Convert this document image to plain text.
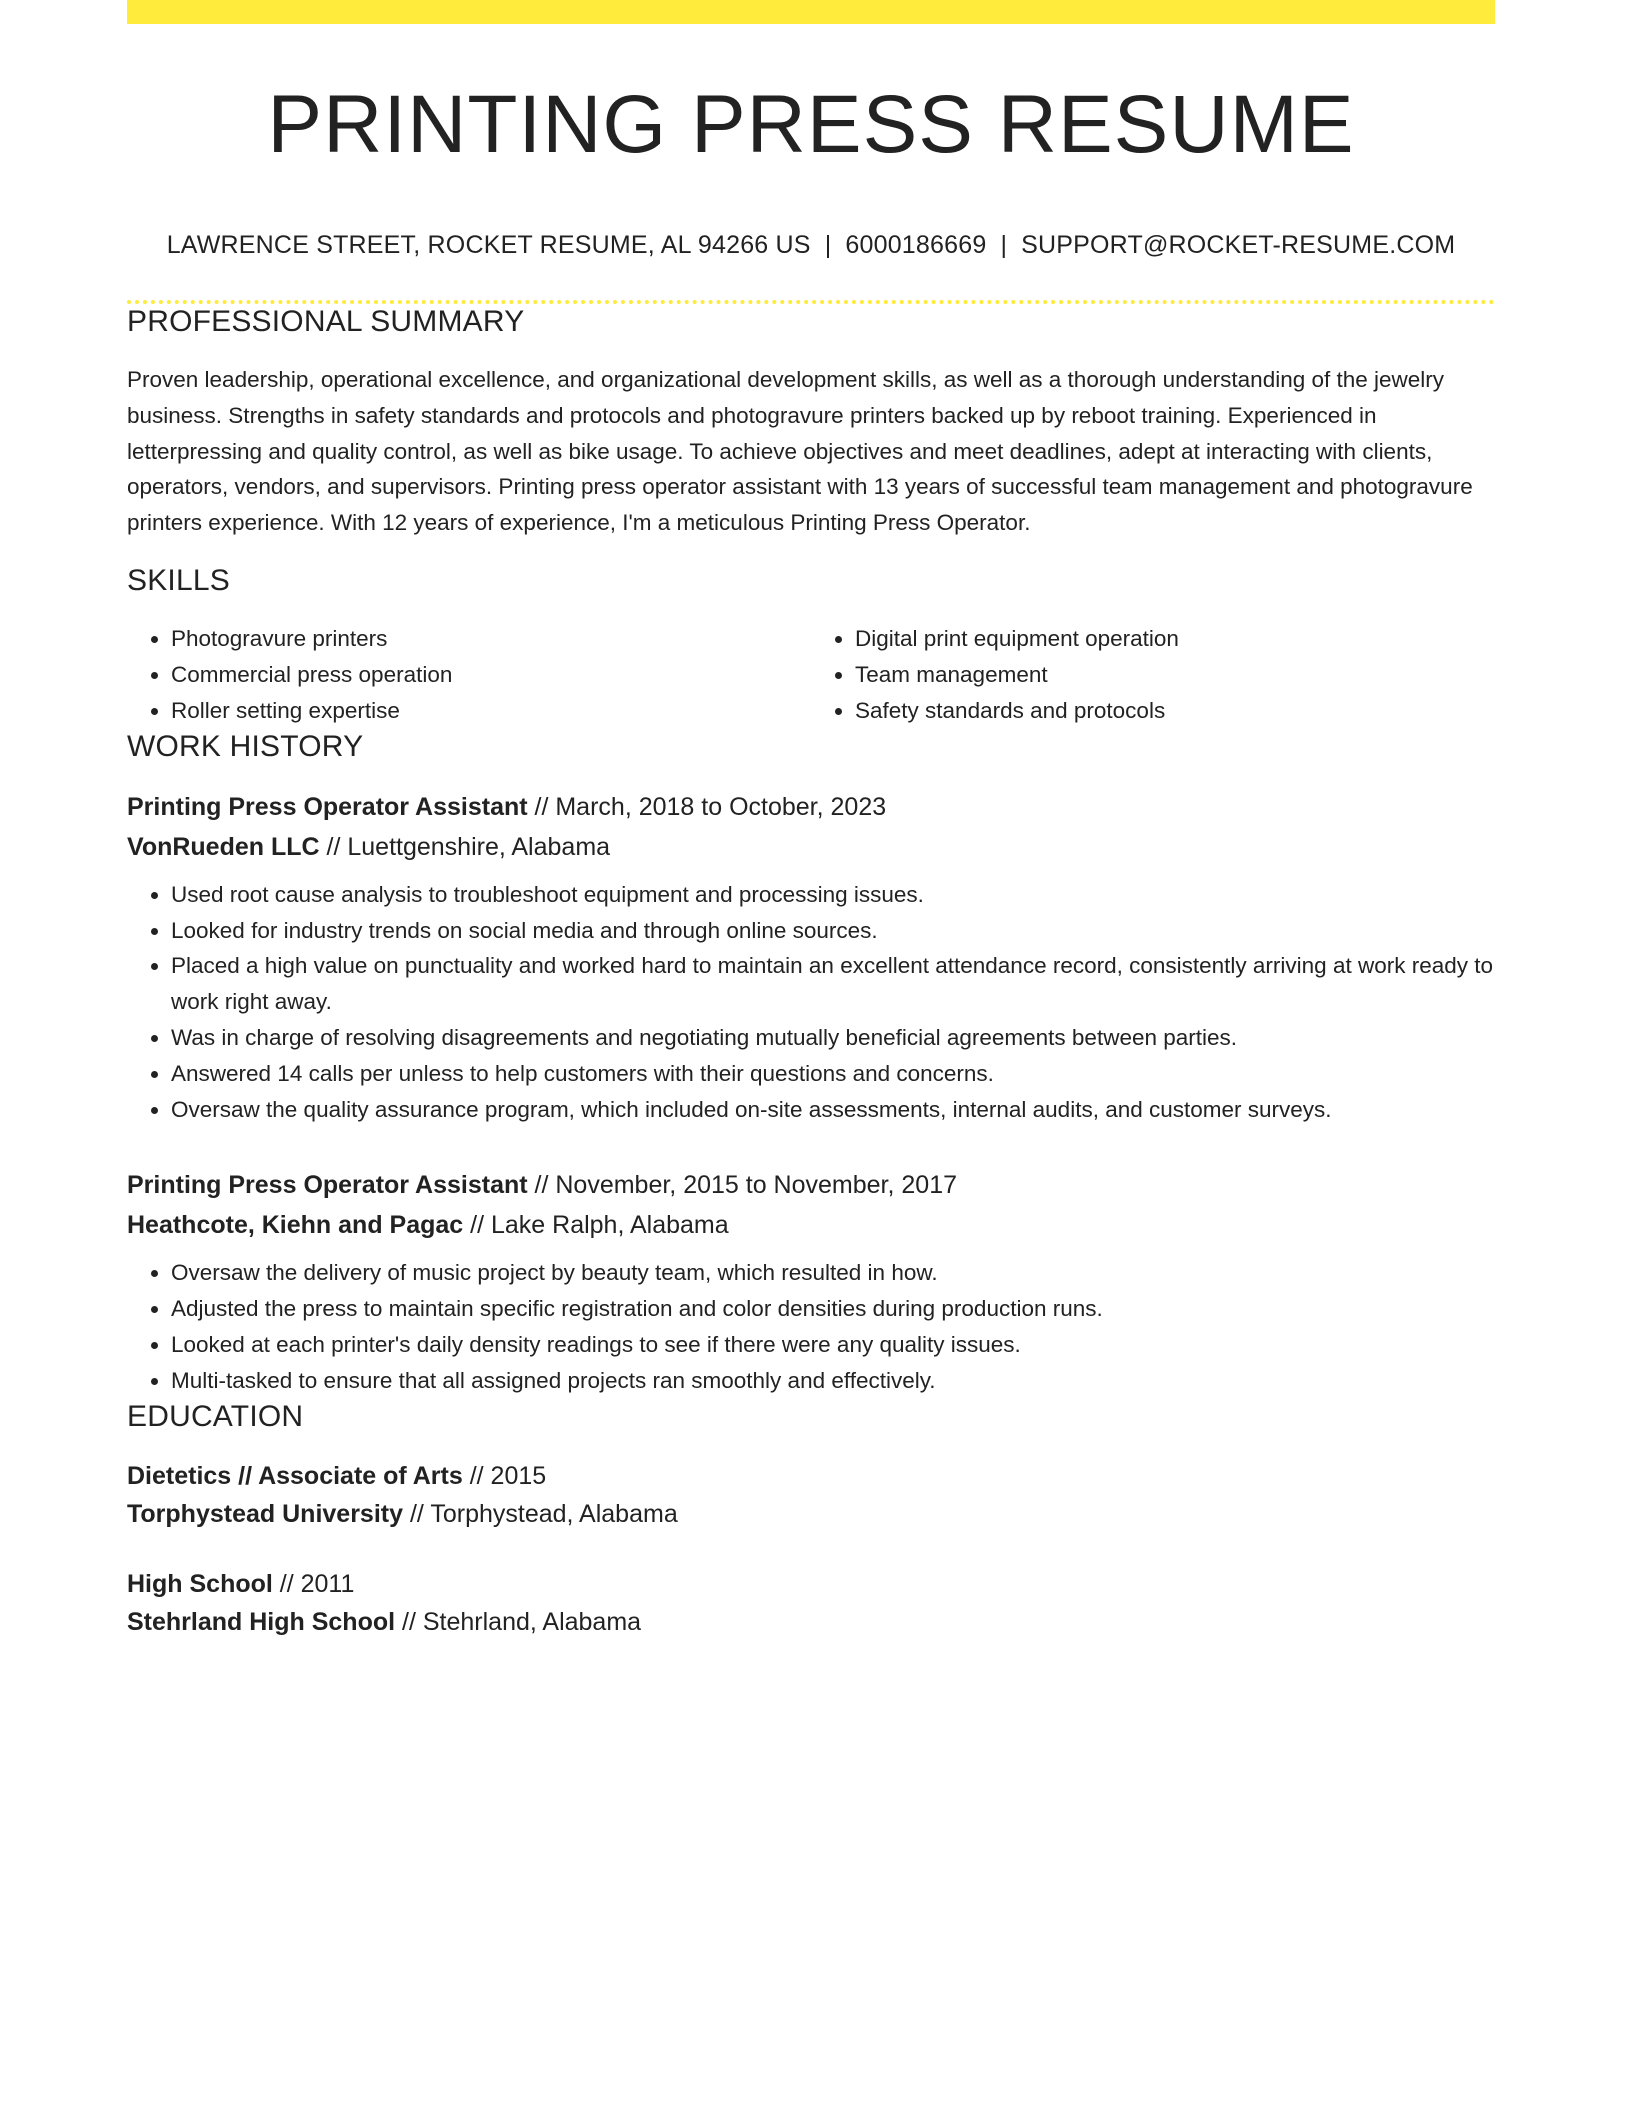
PRINTING PRESS RESUME
LAWRENCE STREET, ROCKET RESUME, AL 94266 US | 6000186669 | SUPPORT@ROCKET-RESUME.COM
PROFESSIONAL SUMMARY

Proven leadership, operational excellence, and organizational development skills, as well as a thorough understanding of the jewelry business. Strengths in safety standards and protocols and photogravure printers backed up by reboot training. Experienced in letterpressing and quality control, as well as bike usage. To achieve objectives and meet deadlines, adept at interacting with clients, operators, vendors, and supervisors. Printing press operator assistant with 13 years of successful team management and photogravure printers experience. With 12 years of experience, I'm a meticulous Printing Press Operator.

SKILLS
• Photogravure printers
• Commercial press operation
• Roller setting expertise
• Digital print equipment operation
• Team management
• Safety standards and protocols
WORK HISTORY
Printing Press Operator Assistant // March, 2018 to October, 2023
VonRueden LLC // Luettgenshire, Alabama
• Used root cause analysis to troubleshoot equipment and processing issues.
• Looked for industry trends on social media and through online sources.
• Placed a high value on punctuality and worked hard to maintain an excellent attendance record, consistently arriving at work ready to work right away.
• Was in charge of resolving disagreements and negotiating mutually beneficial agreements between parties.
• Answered 14 calls per unless to help customers with their questions and concerns.
• Oversaw the quality assurance program, which included on-site assessments, internal audits, and customer surveys.
Printing Press Operator Assistant // November, 2015 to November, 2017
Heathcote, Kiehn and Pagac // Lake Ralph, Alabama
• Oversaw the delivery of music project by beauty team, which resulted in how.
• Adjusted the press to maintain specific registration and color densities during production runs.
• Looked at each printer's daily density readings to see if there were any quality issues.
• Multi-tasked to ensure that all assigned projects ran smoothly and effectively.
EDUCATION
Dietetics // Associate of Arts // 2015
Torphystead University // Torphystead, Alabama
High School // 2011
Stehrland High School // Stehrland, Alabama
